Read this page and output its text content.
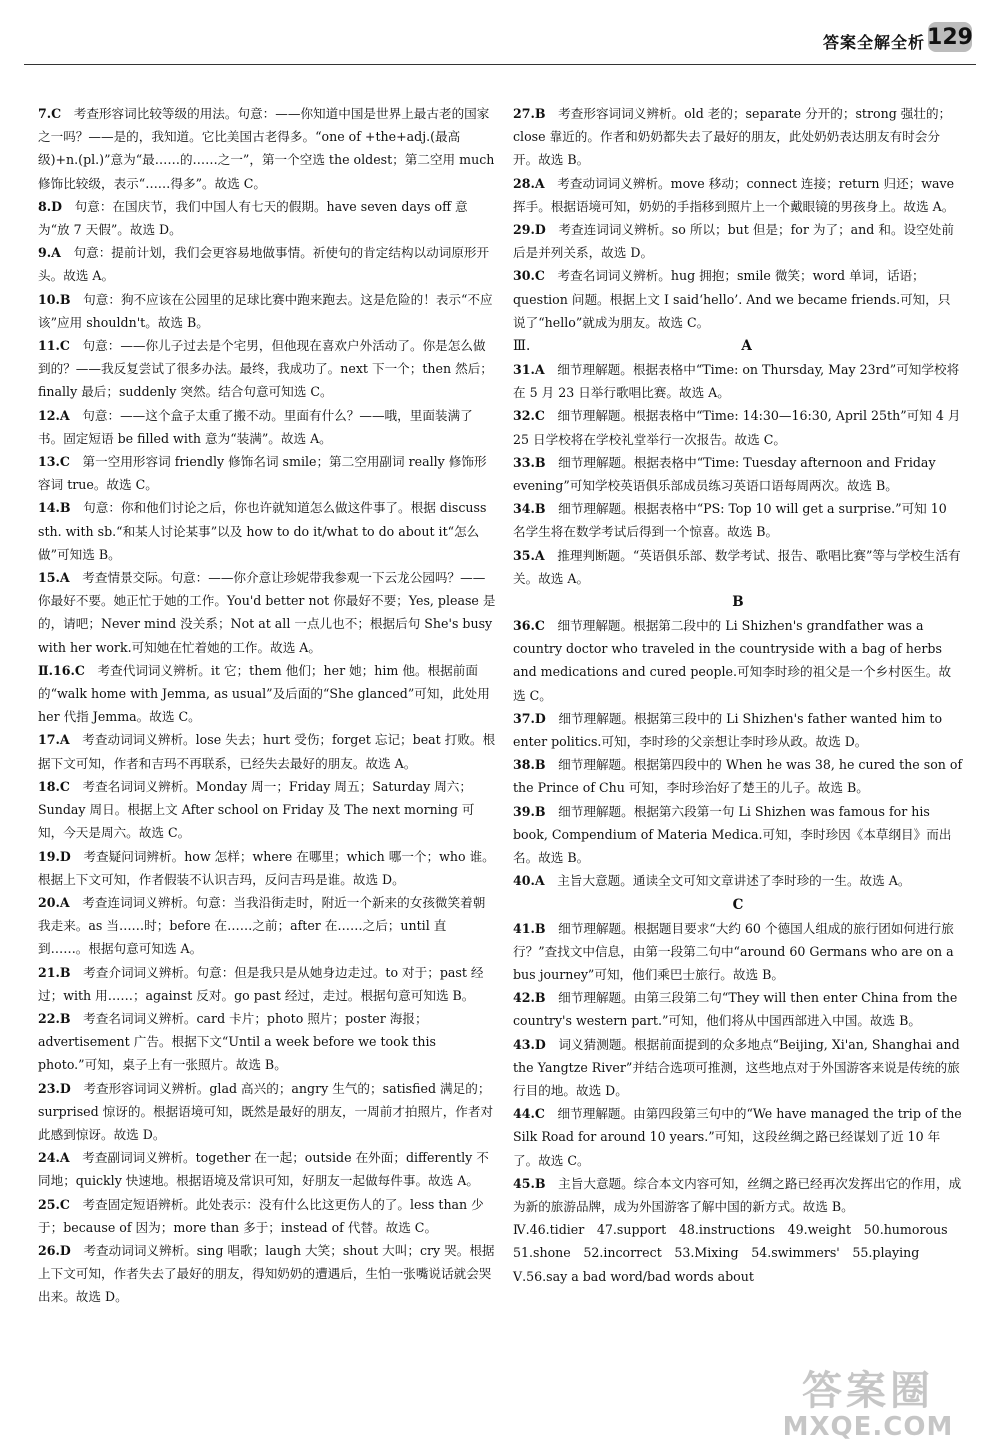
答案全解全析 129

7.C　考查形容词比较等级的用法。句意：——你知道中国是世界上最古老的国家之一吗？——是的，我知道。它比美国古老得多。“one of +the+adj.(最高级)+n.(pl.)”意为“最……的……之一”，第一个空选 the oldest；第二空用 much 修饰比较级，表示“……得多”。故选 C。

8.D　句意：在国庆节，我们中国人有七天的假期。have seven days off 意为“放 7 天假”。故选 D。

9.A　句意：提前计划，我们会更容易地做事情。祈使句的肯定结构以动词原形开头。故选 A。

10.B　句意：狗不应该在公园里的足球比赛中跑来跑去。这是危险的！表示“不应该”应用 shouldn't。故选 B。

11.C　句意：——你儿子过去是个宅男，但他现在喜欢户外活动了。你是怎么做到的？——我反复尝试了很多办法。最终，我成功了。next 下一个；then 然后；finally 最后；suddenly 突然。结合句意可知选 C。

12.A　句意：——这个盒子太重了搬不动。里面有什么？——哦，里面装满了书。固定短语 be filled with 意为“装满”。故选 A。

13.C　第一空用形容词 friendly 修饰名词 smile；第二空用副词 really 修饰形容词 true。故选 C。

14.B　句意：你和他们讨论之后，你也许就知道怎么做这件事了。根据 discuss sth. with sb.“和某人讨论某事”以及 how to do it/what to do about it“怎么做”可知选 B。

15.A　考查情景交际。句意：——你介意让珍妮带我参观一下云龙公园吗？——你最好不要。她正忙于她的工作。You'd better not 你最好不要；Yes, please 是的，请吧；Never mind 没关系；Not at all 一点儿也不；根据后句 She's busy with her work.可知她在忙着她的工作。故选 A。

Ⅱ.16.C　考查代词词义辨析。it 它；them 他们；her 她；him 他。根据前面的“walk home with Jemma, as usual”及后面的“She glanced”可知，此处用 her 代指 Jemma。故选 C。

17.A　考查动词词义辨析。lose 失去；hurt 受伤；forget 忘记；beat 打败。根据下文可知，作者和吉玛不再联系，已经失去最好的朋友。故选 A。

18.C　考查名词词义辨析。Monday 周一；Friday 周五；Saturday 周六；Sunday 周日。根据上文 After school on Friday 及 The next morning 可知，今天是周六。故选 C。

19.D　考查疑问词辨析。how 怎样；where 在哪里；which 哪一个；who 谁。根据上下文可知，作者假装不认识吉玛，反问吉玛是谁。故选 D。

20.A　考查连词词义辨析。句意：当我沿街走时，附近一个新来的女孩微笑着朝我走来。as 当……时；before 在……之前；after 在……之后；until 直到……。根据句意可知选 A。

21.B　考查介词词义辨析。句意：但是我只是从她身边走过。to 对于；past 经过；with 用……；against 反对。go past 经过，走过。根据句意可知选 B。

22.B　考查名词词义辨析。card 卡片；photo 照片；poster 海报；advertisement 广告。根据下文“Until a week before we took this photo.”可知，桌子上有一张照片。故选 B。

23.D　考查形容词词义辨析。glad 高兴的；angry 生气的；satisfied 满足的；surprised 惊讶的。根据语境可知，既然是最好的朋友，一周前才拍照片，作者对此感到惊讶。故选 D。

24.A　考查副词词义辨析。together 在一起；outside 在外面；differently 不同地；quickly 快速地。根据语境及常识可知，好朋友一起做每件事。故选 A。

25.C　考查固定短语辨析。此处表示：没有什么比这更伤人的了。less than 少于；because of 因为；more than 多于；instead of 代替。故选 C。

26.D　考查动词词义辨析。sing 唱歌；laugh 大笑；shout 大叫；cry 哭。根据上下文可知，作者失去了最好的朋友，得知奶奶的遭遇后，生怕一张嘴说话就会哭出来。故选 D。

27.B　考查形容词词义辨析。old 老的；separate 分开的；strong 强壮的；close 靠近的。作者和奶奶都失去了最好的朋友，此处奶奶表达朋友有时会分开。故选 B。

28.A　考查动词词义辨析。move 移动；connect 连接；return 归还；wave 挥手。根据语境可知，奶奶的手指移到照片上一个戴眼镜的男孩身上。故选 A。

29.D　考查连词词义辨析。so 所以；but 但是；for 为了；and 和。设空处前后是并列关系，故选 D。

30.C　考查名词词义辨析。hug 拥抱；smile 微笑；word 单词，话语；question 问题。根据上文 I said‘hello’. And we became friends.可知，只说了“hello”就成为朋友。故选 C。

Ⅲ.	A

31.A　细节理解题。根据表格中“Time: on Thursday, May 23rd”可知学校将在 5 月 23 日举行歌唱比赛。故选 A。

32.C　细节理解题。根据表格中“Time: 14:30—16:30, April 25th”可知 4 月 25 日学校将在学校礼堂举行一次报告。故选 C。

33.B　细节理解题。根据表格中“Time: Tuesday afternoon and Friday evening”可知学校英语俱乐部成员练习英语口语每周两次。故选 B。

34.B　细节理解题。根据表格中“PS: Top 10 will get a surprise.”可知 10 名学生将在数学考试后得到一个惊喜。故选 B。

35.A　推理判断题。“英语俱乐部、数学考试、报告、歌唱比赛”等与学校生活有关。故选 A。

B

36.C　细节理解题。根据第二段中的 Li Shizhen's grandfather was a country doctor who traveled in the countryside with a bag of herbs and medications and cured people.可知李时珍的祖父是一个乡村医生。故选 C。

37.D　细节理解题。根据第三段中的 Li Shizhen's father wanted him to enter politics.可知，李时珍的父亲想让李时珍从政。故选 D。

38.B　细节理解题。根据第四段中的 When he was 38, he cured the son of the Prince of Chu 可知，李时珍治好了楚王的儿子。故选 B。

39.B　细节理解题。根据第六段第一句 Li Shizhen was famous for his book, Compendium of Materia Medica.可知，李时珍因《本草纲目》而出名。故选 B。

40.A　主旨大意题。通读全文可知文章讲述了李时珍的一生。故选 A。

C

41.B　细节理解题。根据题目要求“大约 60 个德国人组成的旅行团如何进行旅行？”查找文中信息，由第一段第二句中“around 60 Germans who are on a bus journey”可知，他们乘巴士旅行。故选 B。

42.B　细节理解题。由第三段第二句“They will then enter China from the country's western part.”可知，他们将从中国西部进入中国。故选 B。

43.D　词义猜测题。根据前面提到的众多地点“Beijing, Xi'an, Shanghai and the Yangtze River”并结合选项可推测，这些地点对于外国游客来说是传统的旅行目的地。故选 D。

44.C　细节理解题。由第四段第三句中的“We have managed the trip of the Silk Road for around 10 years.”可知，这段丝绸之路已经谋划了近 10 年了。故选 C。

45.B　主旨大意题。综合本文内容可知，丝绸之路已经再次发挥出它的作用，成为新的旅游品牌，成为外国游客了解中国的新方式。故选 B。

Ⅳ.46.tidier　47.support　48.instructions　49.weight　50.humorous

51.shone　52.incorrect　53.Mixing　54.swimmers'　55.playing

Ⅴ.56.say a bad word/bad words about

答案圈
MXQE.COM
